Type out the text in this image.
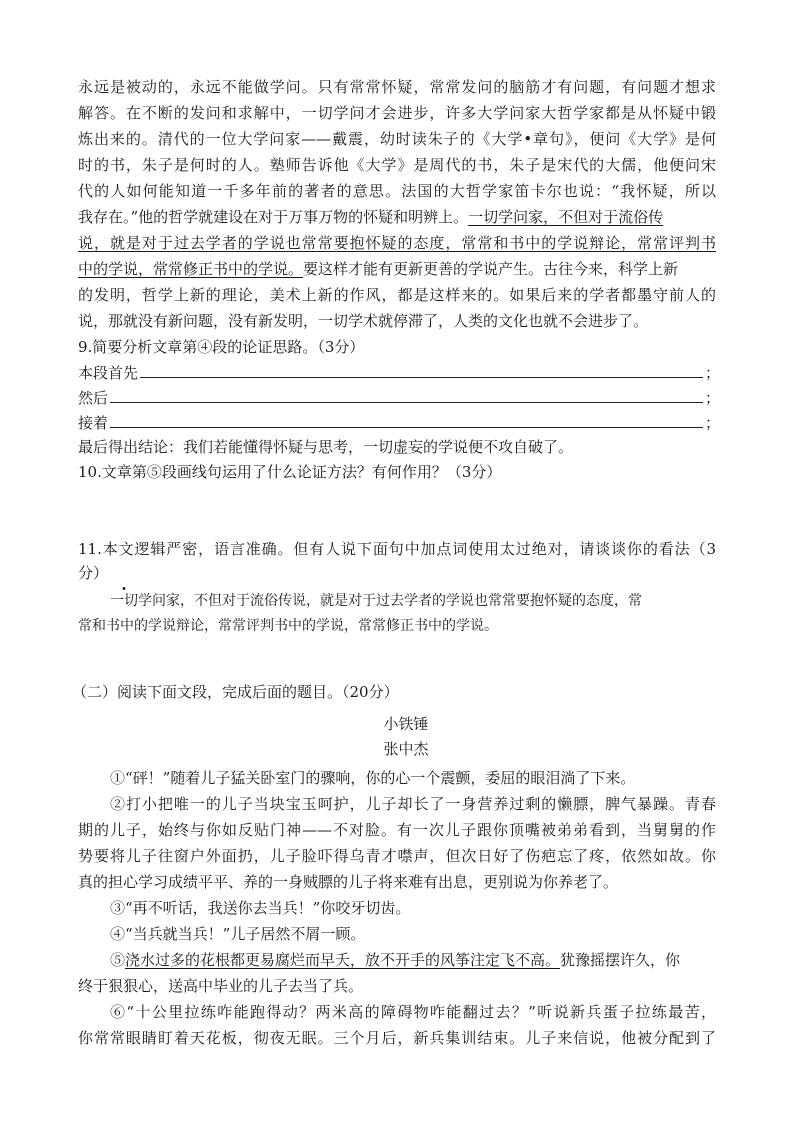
永远是被动的，永远不能做学问。只有常常怀疑，常常发问的脑筋才有问题，有问题才想求

解答。在不断的发问和求解中，一切学问才会进步，许多大学问家大哲学家都是从怀疑中锻

炼出来的。清代的一位大学问家——戴震，幼时读朱子的《大学•章句》，便问《大学》是何

时的书，朱子是何时的人。塾师告诉他《大学》是周代的书，朱子是宋代的大儒，他便问宋

代的人如何能知道一千多年前的著者的意思。法国的大哲学家笛卡尔也说：“我怀疑，所以

我存在。”他的哲学就建设在对于万事万物的怀疑和明辨上。一切学问家，不但对于流俗传

说，就是对于过去学者的学说也常常要抱怀疑的态度，常常和书中的学说辩论，常常评判书

中的学说，常常修正书中的学说。要这样才能有更新更善的学说产生。古往今来，科学上新

的发明，哲学上新的理论，美术上新的作风，都是这样来的。如果后来的学者都墨守前人的

说，那就没有新问题，没有新发明，一切学术就停滞了，人类的文化也就不会进步了。

9.简要分析文章第④段的论证思路。（3分）

本段首先	；
然后	；
接着	；

最后得出结论：我们若能懂得怀疑与思考，一切虚妄的学说便不攻自破了。

10.文章第⑤段画线句运用了什么论证方法？有何作用？（3分）

11.本文逻辑严密，语言准确。但有人说下面句中加点词使用太过绝对，请谈谈你的看法（3

分）

一切学问家，不但对于流俗传说，就是对于过去学者的学说也常常要抱怀疑的态度，常

常和书中的学说辩论，常常评判书中的学说，常常修正书中的学说。

（二）阅读下面文段，完成后面的题目。（20分）

小铁锤
张中杰

①“砰！”随着儿子猛关卧室门的骤响，你的心一个震颤，委屈的眼泪淌了下来。

②打小把唯一的儿子当块宝玉呵护，儿子却长了一身营养过剩的懒膘，脾气暴躁。青春

期的儿子，始终与你如反贴门神——不对脸。有一次儿子跟你顶嘴被弟弟看到，当舅舅的作

势要将儿子往窗户外面扔，儿子脸吓得乌青才噤声，但次日好了伤疤忘了疼，依然如故。你

真的担心学习成绩平平、养的一身贼膘的儿子将来难有出息，更别说为你养老了。

③“再不听话，我送你去当兵！”你咬牙切齿。

④“当兵就当兵！”儿子居然不屑一顾。

⑤浇水过多的花根都更易腐烂而早夭，放不开手的风筝注定飞不高。犹豫摇摆许久，你

终于狠狠心，送高中毕业的儿子去当了兵。

⑥“十公里拉练咋能跑得动？两米高的障碍物咋能翻过去？”听说新兵蛋子拉练最苦，

你常常眼睛盯着天花板，彻夜无眠。三个月后，新兵集训结束。儿子来信说，他被分配到了
